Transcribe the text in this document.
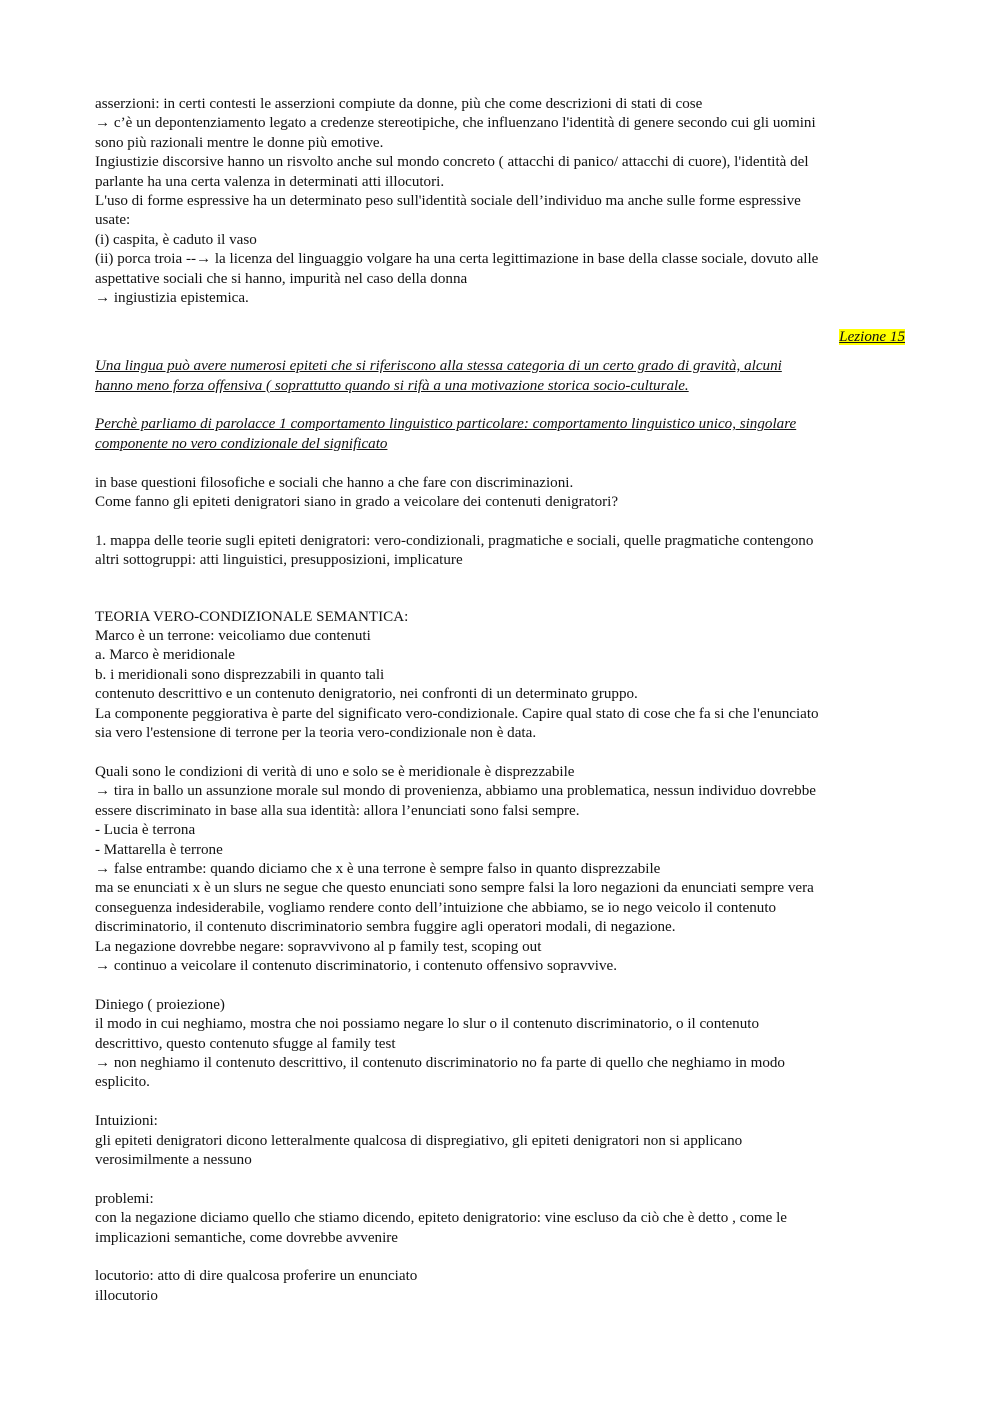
asserzioni: in certi contesti le asserzioni compiute da donne, più che come descrizioni di stati di cose
→ c’è un depontenziamento legato a credenze stereotipiche, che influenzano l'identità di genere secondo cui gli uomini
sono più razionali mentre le donne più emotive.
Ingiustizie discorsive hanno un risvolto anche sul mondo concreto ( attacchi di panico/ attacchi di cuore), l'identità del
parlante ha una certa valenza in determinati atti illocutori.
L'uso di forme espressive ha un determinato peso sull'identità sociale dell’individuo ma anche sulle forme espressive
usate:
(i) caspita, è caduto il vaso
(ii) porca troia --→ la licenza del linguaggio volgare ha una certa legittimazione in base della classe sociale, dovuto alle
aspettative sociali che si hanno, impurità nel caso della donna
→ ingiustizia epistemica.
Lezione 15
Una lingua può avere numerosi epiteti che si riferiscono alla stessa categoria di un certo grado di gravità, alcuni
hanno meno forza offensiva ( soprattutto quando si rifà a una motivazione storica socio-culturale.
Perchè parliamo di parolacce 1 comportamento linguistico particolare: comportamento linguistico unico, singolare
componente no vero condizionale del significato
in base questioni filosofiche e sociali che hanno a che fare con discriminazioni.
Come fanno gli epiteti denigratori siano in grado a veicolare dei contenuti denigratori?
1. mappa delle teorie sugli epiteti denigratori: vero-condizionali, pragmatiche e sociali, quelle pragmatiche contengono
altri sottogruppi: atti linguistici, presupposizioni, implicature
TEORIA VERO-CONDIZIONALE SEMANTICA:
Marco è un terrone: veicoliamo due contenuti
a. Marco è meridionale
b. i meridionali sono disprezzabili in quanto tali
contenuto descrittivo e un contenuto denigratorio, nei confronti di un determinato gruppo.
La componente peggiorativa è parte del significato vero-condizionale. Capire qual stato di cose che fa si che l'enunciato
sia vero l'estensione di terrone per la teoria vero-condizionale non è data.
Quali sono le condizioni di verità di uno e solo se è meridionale è disprezzabile
→ tira in ballo un assunzione morale sul mondo di provenienza, abbiamo una problematica, nessun individuo dovrebbe
essere discriminato in base alla sua identità: allora l’enunciati sono falsi sempre.
- Lucia è terrona
- Mattarella è terrone
→ false entrambe: quando diciamo che x è una terrone è sempre falso in quanto disprezzabile
ma se enunciati x è un slurs ne segue che questo enunciati sono sempre falsi la loro negazioni da enunciati sempre vera
conseguenza indesiderabile, vogliamo rendere conto dell’intuizione che abbiamo, se io nego veicolo il contenuto
discriminatorio, il contenuto discriminatorio sembra fuggire agli operatori modali, di negazione.
La negazione dovrebbe negare: sopravvivono al p family test, scoping out
→ continuo a veicolare il contenuto discriminatorio, i contenuto offensivo sopravvive.
Diniego ( proiezione)
il modo in cui neghiamo, mostra che noi possiamo negare lo slur o il contenuto discriminatorio, o il contenuto
descrittivo, questo contenuto sfugge al family test
→ non neghiamo il contenuto descrittivo, il contenuto discriminatorio no fa parte di quello che neghiamo in modo
esplicito.
Intuizioni:
gli epiteti denigratori dicono letteralmente qualcosa di dispregiativo, gli epiteti denigratori non si applicano
verosimilmente a nessuno
problemi:
con la negazione diciamo quello che stiamo dicendo, epiteto denigratorio: vine escluso da ciò che è detto , come le
implicazioni semantiche, come dovrebbe avvenire
locutorio: atto di dire qualcosa proferire un enunciato
illocutorio
